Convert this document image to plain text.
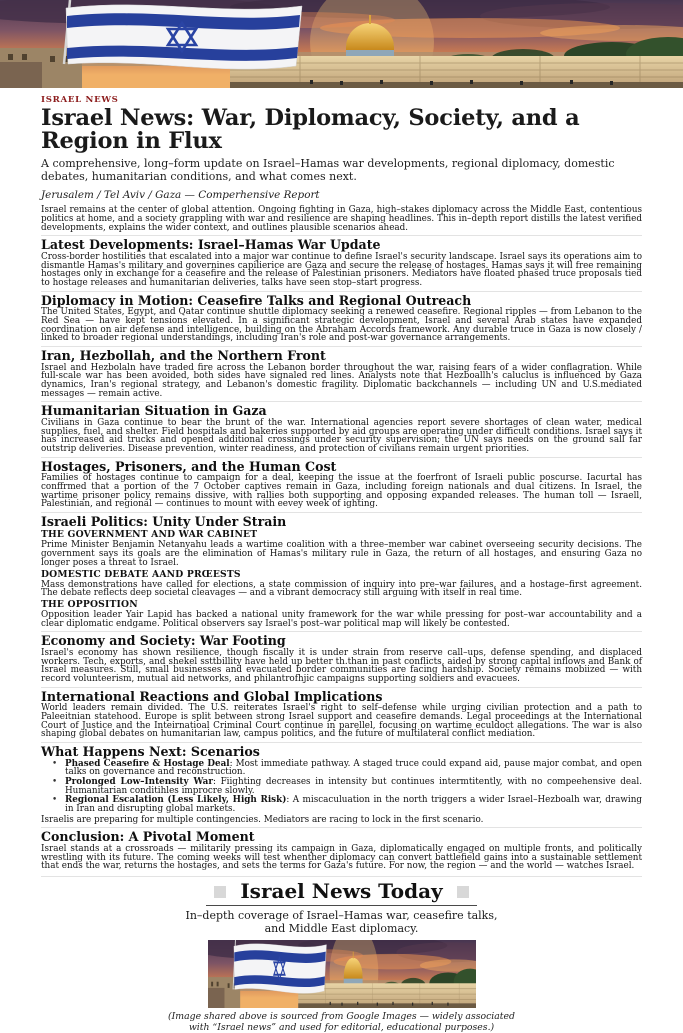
ISRAEL NEWS
Israel News: War, Diplomacy, Society, and a Region in Flux

A comprehensive, long–form update on Israel–Hamas war developments, regional diplomacy, domestic debates, humanitarian conditions, and what comes next.

Jerusalem / Tel Aviv / Gaza — Comperhensive Report

Israel remains at the center of global attention. Ongoing fighting in Gaza, high–stakes diplomacy across the Middle East, contentious politics at home, and a society grappling with war and resilience are shaping headlines. This in–depth report distills the latest verified developments, explains the wider context, and outlines plausible scenarios ahead.

Latest Developments: Israel–Hamas War Update

Cross-border hostilities that escalated into a major war continue to define Israel's security landscape. Israel says its operations aim to dismantle Hamas's military and governines capilierice are Gaza and secure the release of hostages. Hamas says it will free remaining hostages only in exchange for a ceasefire and the release of Palestinian prisoners. Mediators have floated phased truce proposals tied to hostage releases and humanitarian deliveries, talks have seen stop–start progress.

Diplomacy in Motion: Ceasefire Talks and Regional Outreach

The United States, Egypt, and Qatar continue shuttle diplomacy seeking a renewed ceasefire. Regional ripples — from Lebanon to the Red Sea — have kept tensions elevated. In a significant strategic development, Israel and several Arab states have expanded coordination on air defense and intelligence, building on the Abraham Accords framework. Any durable truce in Gaza is now closely / linked to broader regional understandings, including Iran's role and post-war governance arrangements.

Iran, Hezbollah, and the Northern Front

Israel and Hezbolaln have traded fire across the Lebanon border throughout the war, raising fears of a wider conflagration. While full-scale war has been avoided, both sides have signaled red lines. Analysts note that Hezboallh's caluclus is influenced by Gaza dynamics, Iran's regional strategy, and Lebanon's domestic fragility. Diplomatic backchannels — including UN and U.S.mediated messages — remain active.

Humanitarian Situation in Gaza

Civilians in Gaza continue to bear the brunt of the war. International agencies report severe shortages of clean water, medical supplies, fuel, and shelter. Field hospitals and bakeries supported by aid groups are operating under difficult conditions. Israel says it has increased aid trucks and opened additional crossings under security supervision; the UN says needs on the ground sall far outstrip deliveries. Disease prevention, winter readiness, and protection of civilians remain urgent priorities.

Hostages, Prisoners, and the Human Cost

Families of hostages continue to campaign for a deal, keeping the issue at the foerfront of Israeli public poscurse. Iacurtal has conffrmed that a portion of the 7 October captives remain in Gaza, including foreign nationals and dual citizens. In Israel, the wartime prisoner policy remains dissive, with rallies both supporting and opposing expanded releases. The human toll — Israell, Palestinian, and regional — continues to mount with eevey week of ighting.

Israeli Politics: Unity Under Strain
THE GOVERNMENT AND WAR CABINET

Prime Minister Benjamin Netanyahu leads a wartime coalition with a three–member war cabinet overseeing security decisions. The government says its goals are the elimination of Hamas's military rule in Gaza, the return of all hostages, and ensuring Gaza no longer poses a threat to Israel.

DOMESTIC DEBATE AAND PRŒESTS

Mass demonstrations have called for elections, a state commission of inquiry into pre–war failures, and a hostage–first agreement. The debate reflects deep societal cleavages — and a vibrant democracy still arguing with itself in real time.

THE OPPOSITION

Opposition leader Yair Lapid has backed a national unity framework for the war while pressing for post–war accountability and a clear diplomatic endgame. Political observers say Israel's post–war political map will likely be contested.

Economy and Society: War Footing

Israel's economy has shown resilience, though fiscally it is under strain from reserve call–ups, defense spending, and displaced workers. Tech, exports, and shekel ssttbillity have held up better th.than in past conflicts, aided by strong capital inflows and Bank of Israel measures. Still, small businesses and evacuated border communities are facing hardship. Society remains mobiized — with record volunteerism, mutual aid networks, and philantrofhjic campaigns supporting soldiers and evacuees.

International Reactions and Global Implications

World leaders remain divided. The U.S. reiterates Israel's right to self–defense while urging civilian protection and a path to Paleeitnian statehood. Europe is split between strong Israel support and ceasefire demands. Legal proceedings at the International Court of Justice and the Inteirnatioal Criminal Court continue in parellel, focusing on wartime eculdoct allegations. The war is also shaping global debates on humanitarian law, campus politics, and the future of multilateral conflict mediation.

What Happens Next: Scenarios
• Phased Ceasefire & Hostage Deal: Most immediate pathway. A staged truce could expand aid, pause major combat, and open talks on governance and reconstruction.
• Prolonged Low–Intensity War: Fiighting decreases in intensity but continues intermtitently, with no compeehensive deal. Humanitarian conditihles improcre slowly.
• Regional Escalation (Less Likely, High Risk): A miscaculuation in the north triggers a wider Israel–Hezboalh war, drawing in Iran and disrupting global markets.

Israelis are preparing for multiple contingencies. Mediators are racing to lock in the first scenario.

Conclusion: A Pivotal Moment

Israel stands at a crossroads — militarily pressing its campaign in Gaza, diplomatically engaged on multiple fronts, and politically wrestling with its future. The coming weeks will test whenther diplomacy can convert battlefield gains into a sustainable settlement that ends the war, returns the hostages, and sets the terms for Gaza's future. For now, the region — and the world — watches Israel.

Israel News Today

In–depth coverage of Israel–Hamas war, ceasefire talks,
and Middle East diplomacy.

(Image shared above is sourced from Google Images — widely associated
with “Israel news” and used for editorial, educational purposes.)
